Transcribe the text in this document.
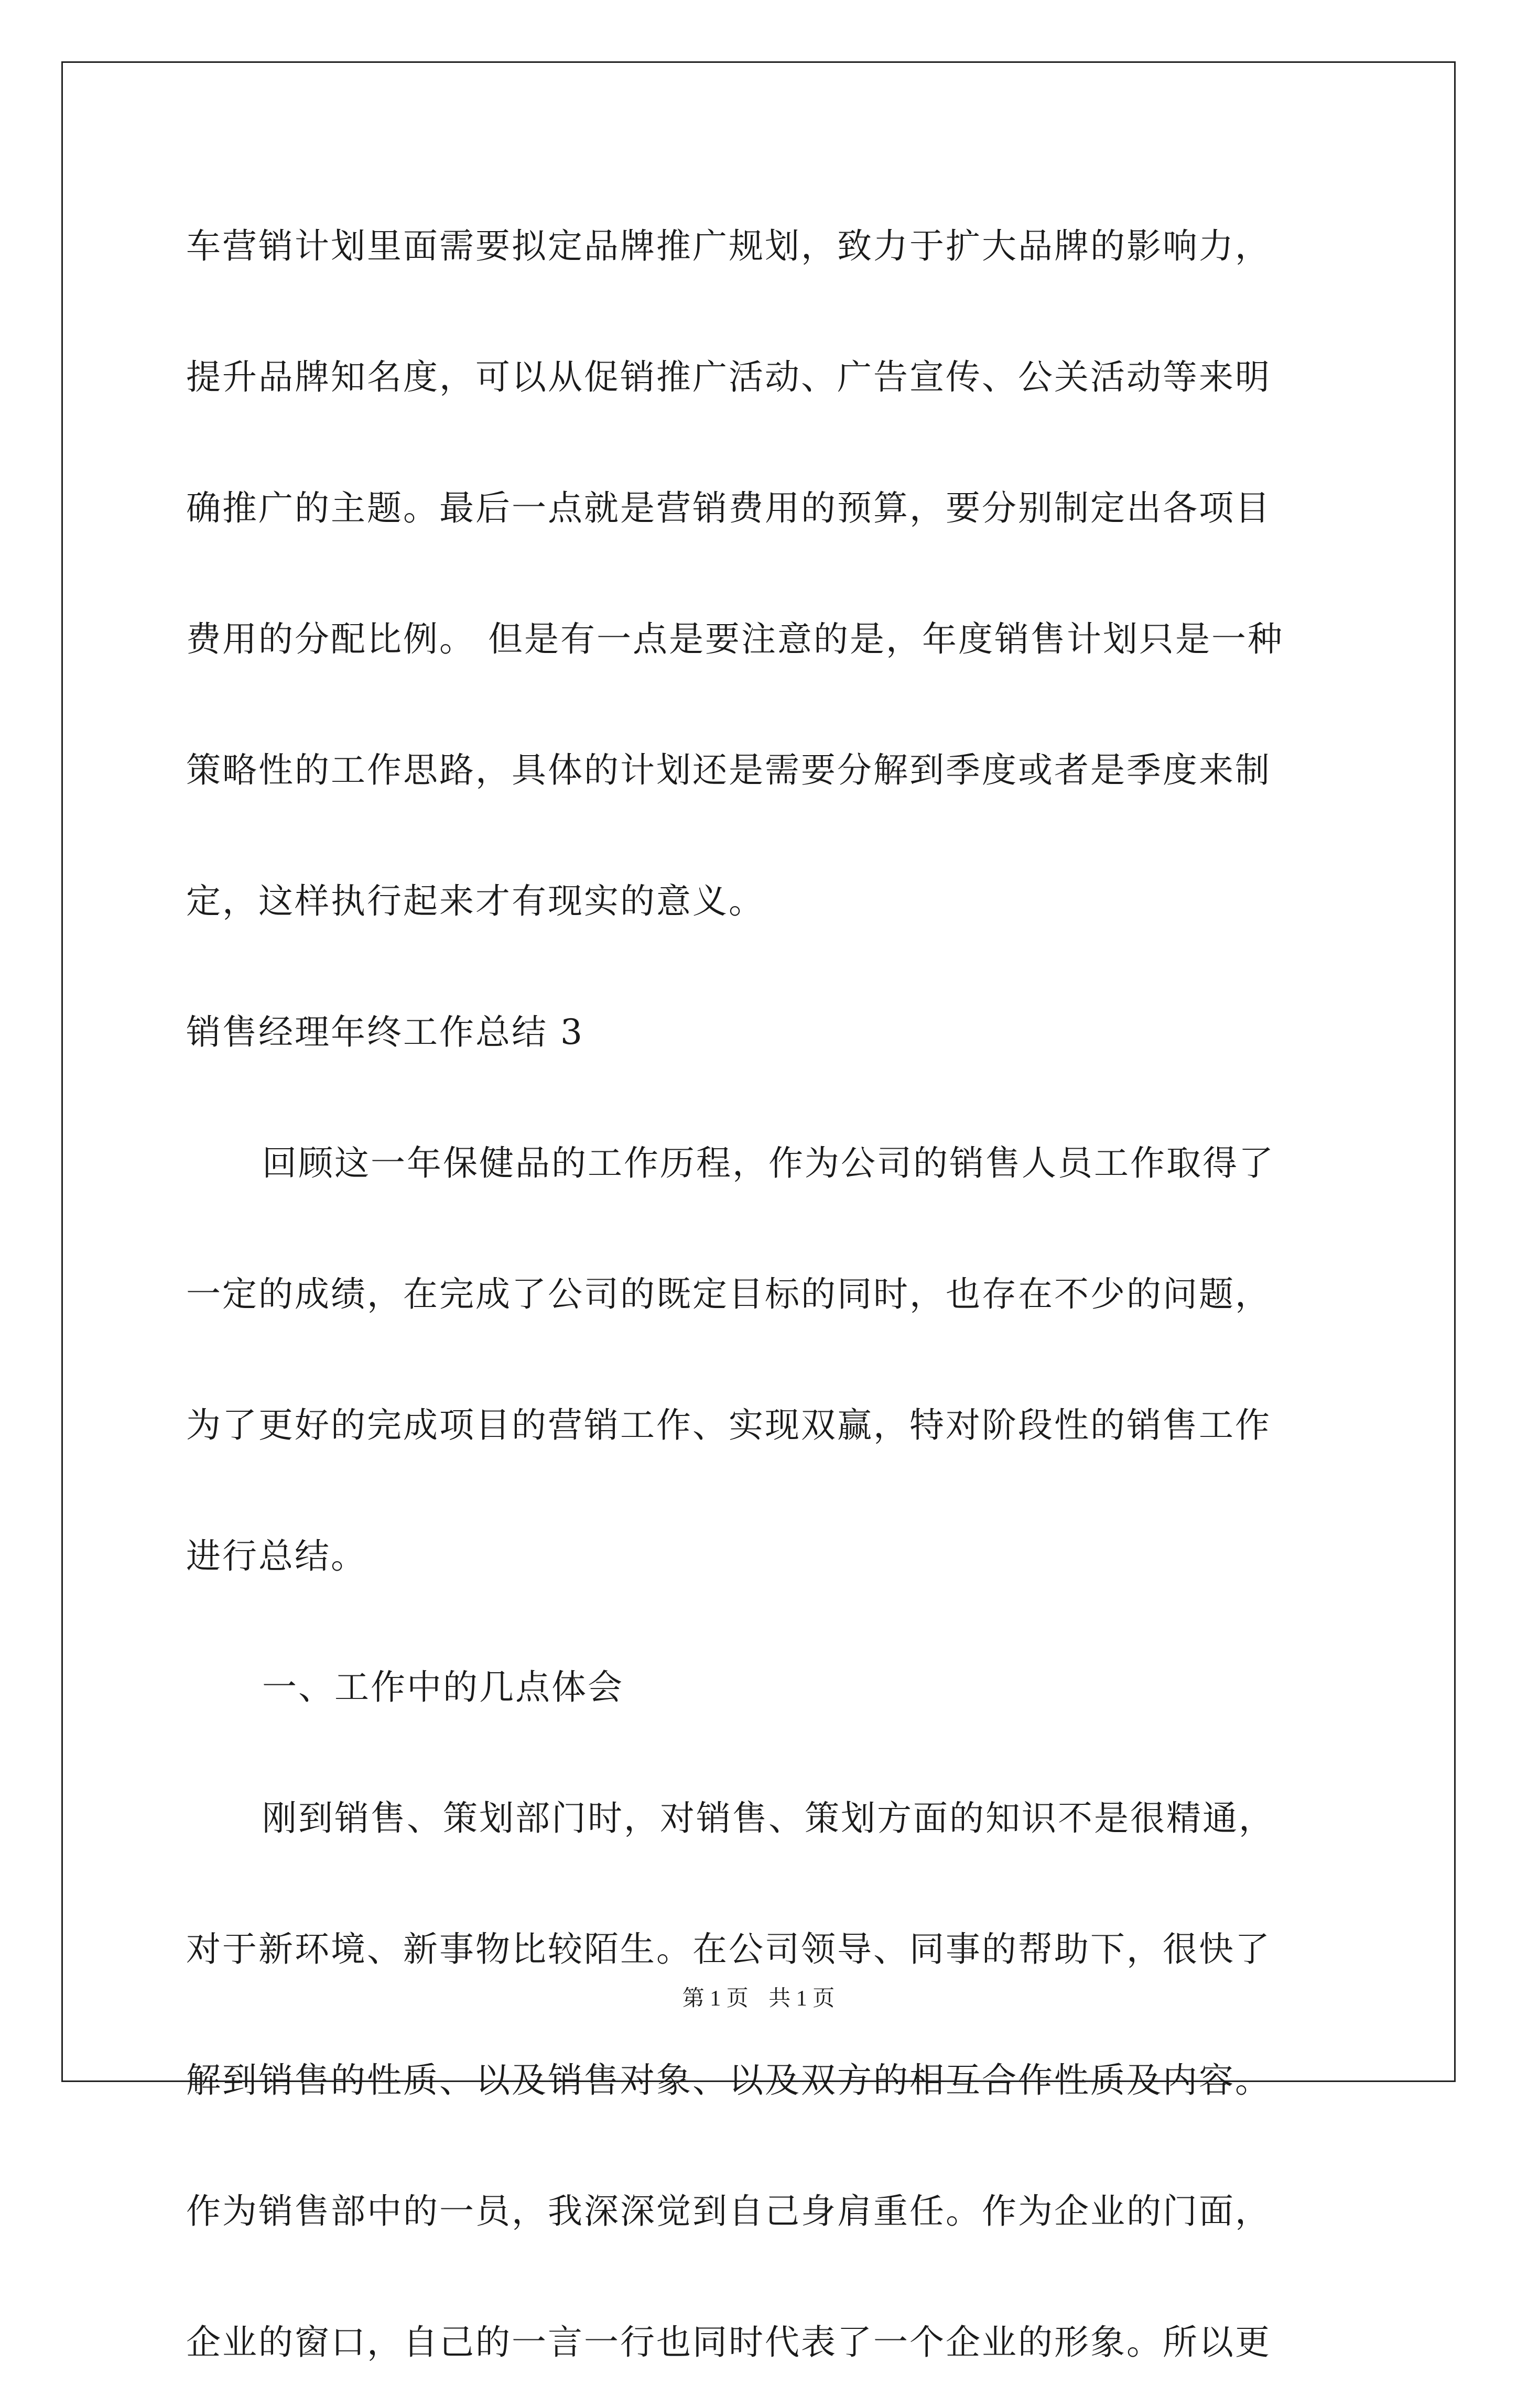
车营销计划里面需要拟定品牌推广规划，致力于扩大品牌的影响力，
提升品牌知名度，可以从促销推广活动、广告宣传、公关活动等来明
确推广的主题。最后一点就是营销费用的预算，要分别制定出各项目
费用的分配比例。 但是有一点是要注意的是，年度销售计划只是一种
策略性的工作思路，具体的计划还是需要分解到季度或者是季度来制
定，这样执行起来才有现实的意义。
销售经理年终工作总结 3
回顾这一年保健品的工作历程，作为公司的销售人员工作取得了
一定的成绩，在完成了公司的既定目标的同时，也存在不少的问题，
为了更好的完成项目的营销工作、实现双赢，特对阶段性的销售工作
进行总结。
一、工作中的几点体会
刚到销售、策划部门时，对销售、策划方面的知识不是很精通，
对于新环境、新事物比较陌生。在公司领导、同事的帮助下，很快了
解到销售的性质、以及销售对象、以及双方的相互合作性质及内容。
作为销售部中的一员，我深深觉到自己身肩重任。作为企业的门面，
企业的窗口，自己的一言一行也同时代表了一个企业的形象。所以更
第 1 页 共 1 页
